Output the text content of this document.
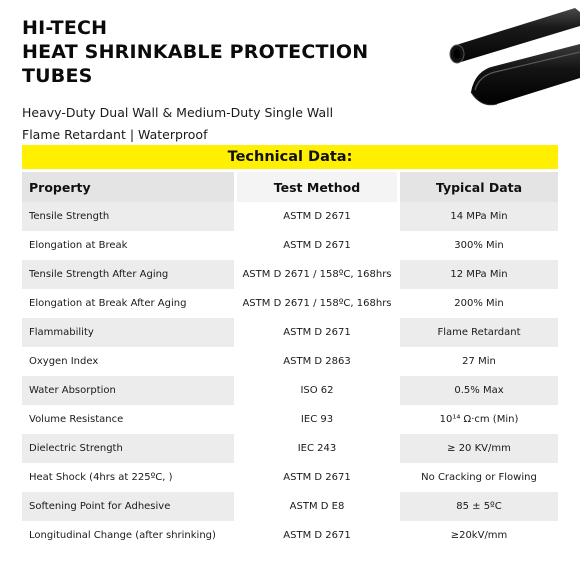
HI-TECH
HEAT SHRINKABLE PROTECTION TUBES
Heavy-Duty Dual Wall & Medium-Duty Single Wall
Flame Retardant | Waterproof
Technical Data:
Property	Test Method	Typical Data
Tensile Strength	ASTM D 2671	14 MPa Min
Elongation at Break	ASTM D 2671	300% Min
Tensile Strength After Aging	ASTM D 2671 / 158ºC, 168hrs	12 MPa Min
Elongation at Break After Aging	ASTM D 2671 / 158ºC, 168hrs	200% Min
Flammability	ASTM D 2671	Flame Retardant
Oxygen Index	ASTM D 2863	27 Min
Water Absorption	ISO 62	0.5% Max
Volume Resistance	IEC 93	10¹⁴ Ω·cm (Min)
Dielectric Strength	IEC 243	≥ 20 KV/mm
Heat Shock (4hrs at 225ºC, )	ASTM D 2671	No Cracking or Flowing
Softening Point for Adhesive	ASTM D E8	85 ± 5ºC
Longitudinal Change (after shrinking)	ASTM D 2671	≥20kV/mm
